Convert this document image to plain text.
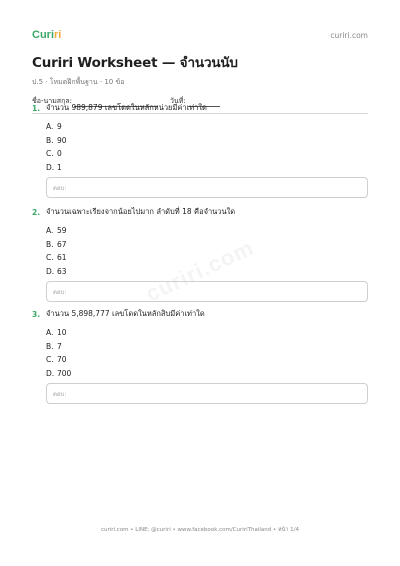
Curiri	curiri.com
Curiri Worksheet — จำนวนนับ
ป.5 · โหมดฝึกพื้นฐาน · 10 ข้อ
ชื่อ-นามสกุล:	วันที่:
1. จำนวน 989,879 เลขโดดในหลักหน่วยมีค่าเท่าใด
A. 9
B. 90
C. 0
D. 1
ตอบ:
2. จำนวนเฉพาะเรียงจากน้อยไปมาก ลำดับที่ 18 คือจำนวนใด
A. 59
B. 67
C. 61
D. 63
ตอบ:
3. จำนวน 5,898,777 เลขโดดในหลักสิบมีค่าเท่าใด
A. 10
B. 7
C. 70
D. 700
ตอบ:
curiri.com • LINE: @curiri • www.facebook.com/CuririThailand • หน้า 1/4
